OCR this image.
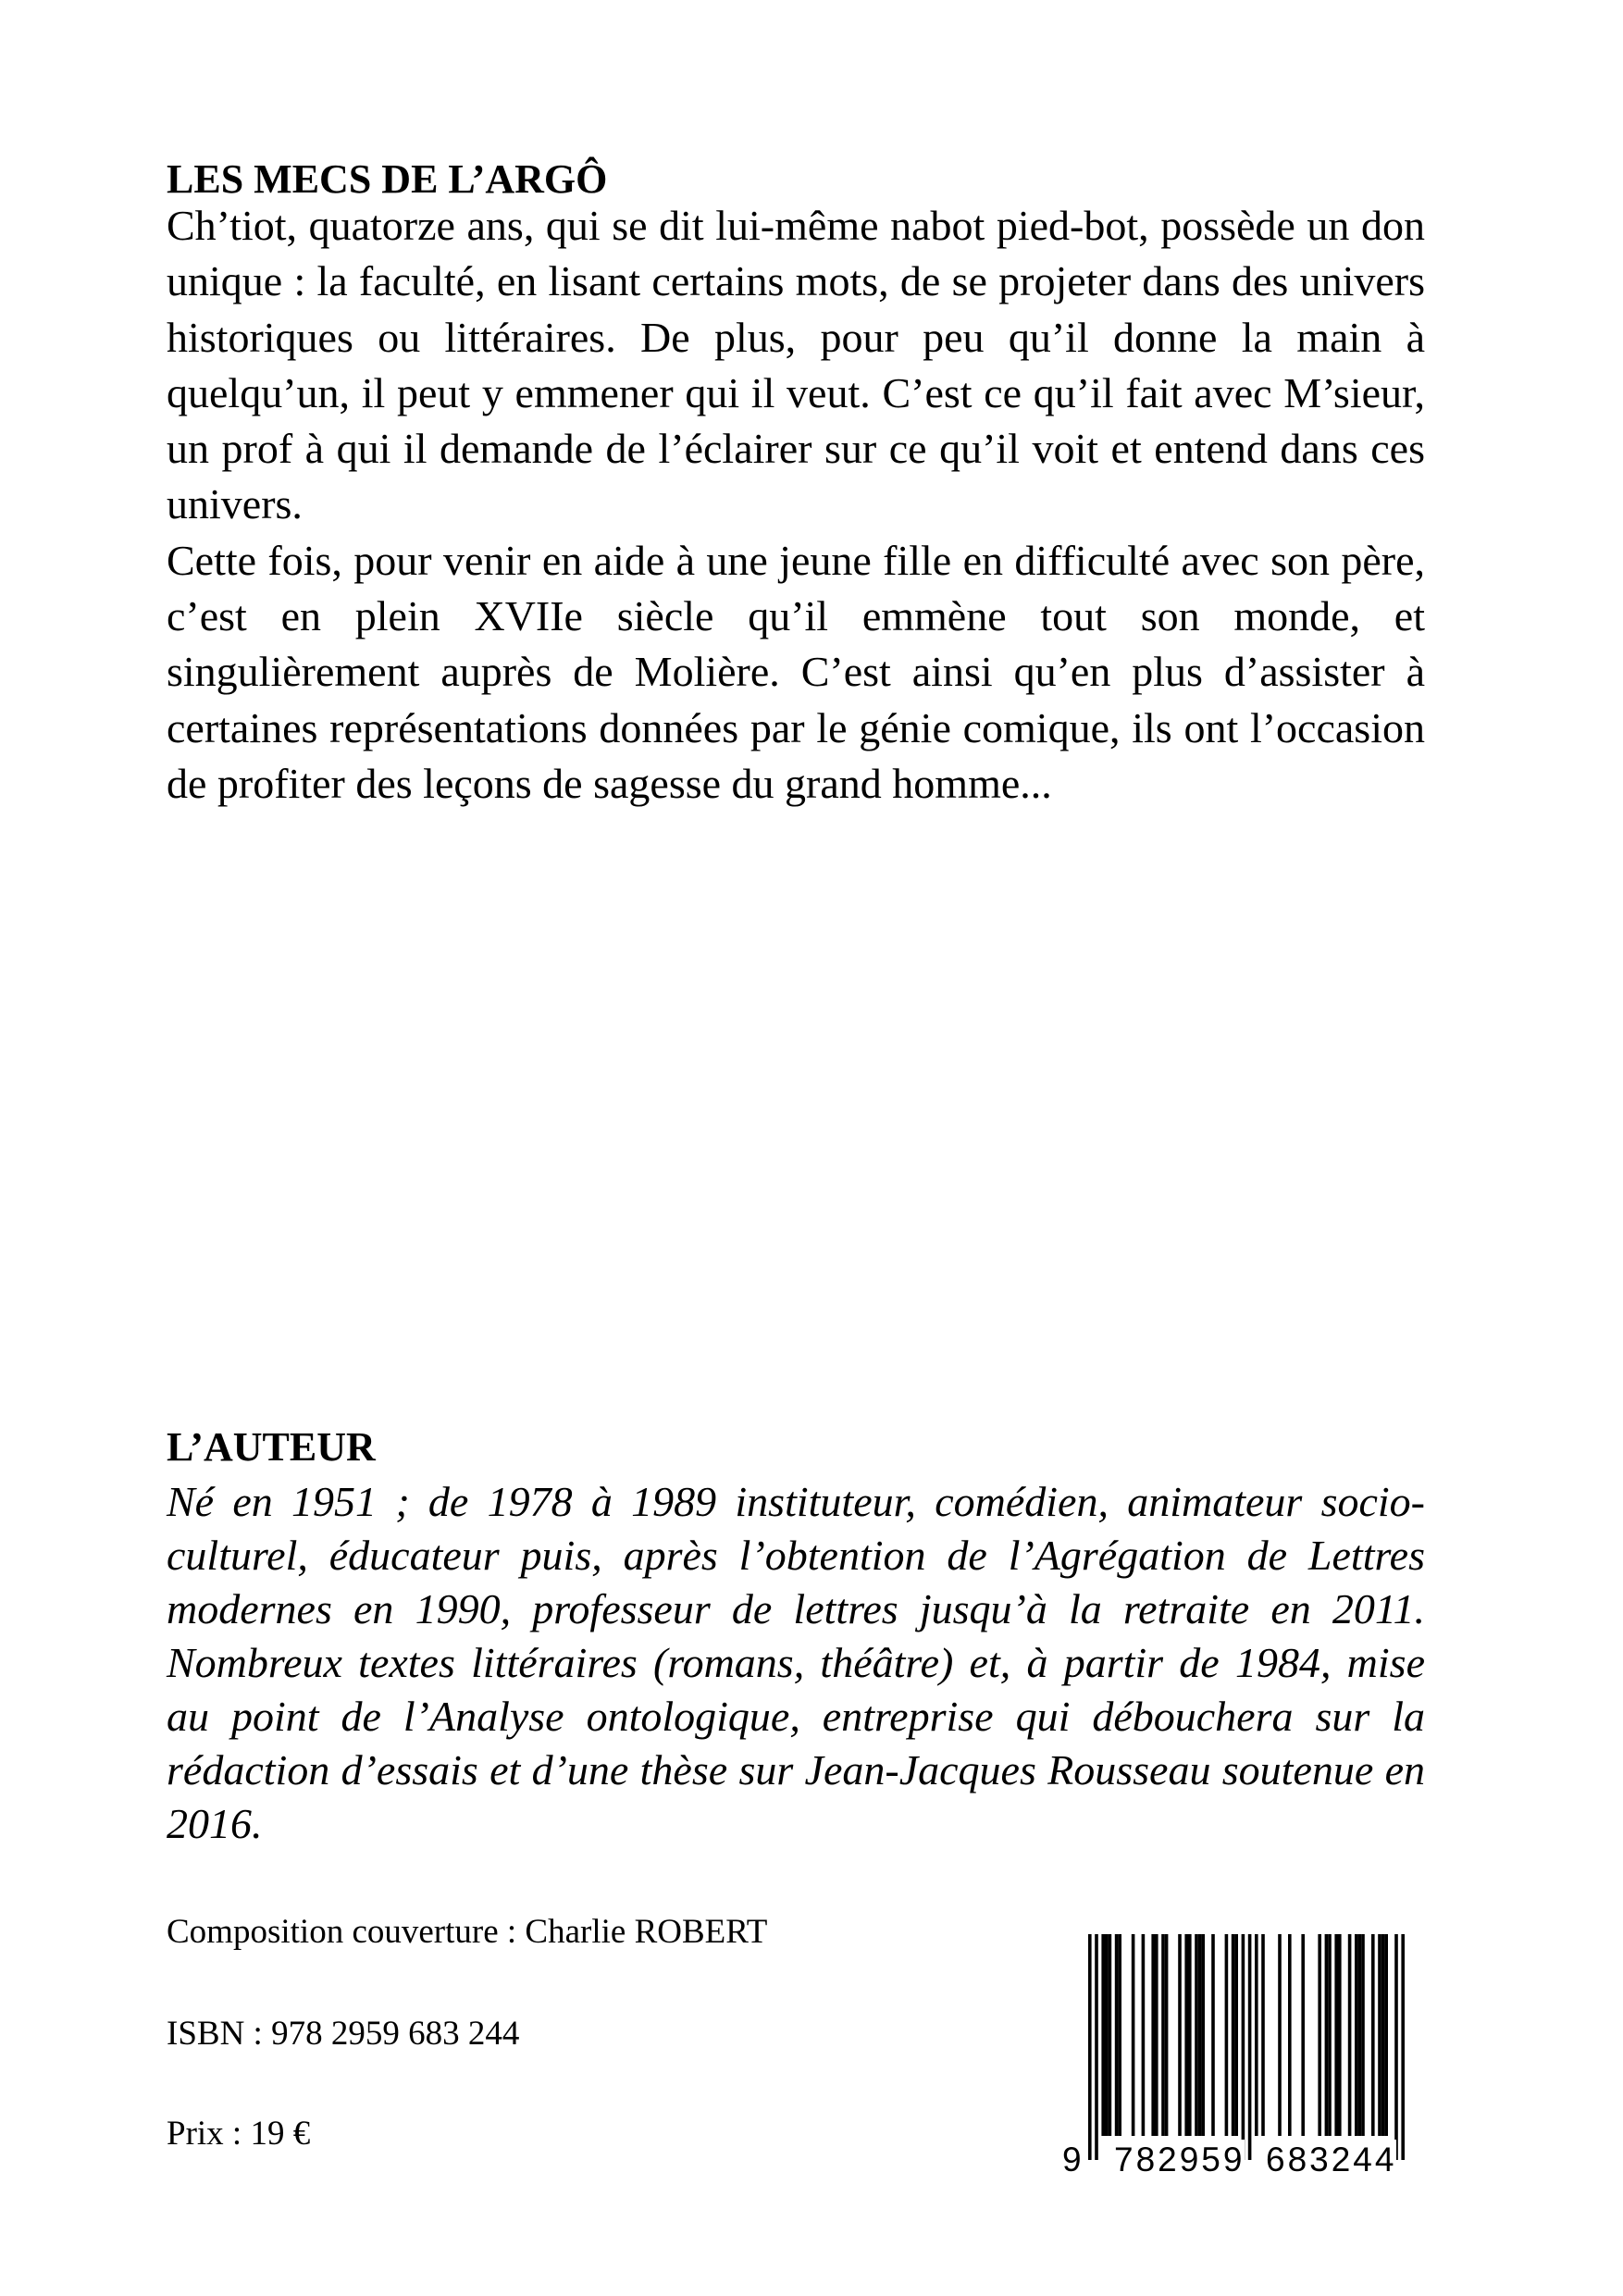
LES MECS DE L’ARGÔ

Ch’tiot, quatorze ans, qui se dit lui-même nabot pied-bot, possède un don unique : la faculté, en lisant certains mots, de se projeter dans des univers historiques ou littéraires. De plus, pour peu qu’il donne la main à quelqu’un, il peut y emmener qui il veut. C’est ce qu’il fait avec M’sieur, un prof à qui il demande de l’éclairer sur ce qu’il voit et entend dans ces univers.

Cette fois, pour venir en aide à une jeune fille en difficulté avec son père, c’est en plein XVIIe siècle qu’il emmène tout son monde, et singulièrement auprès de Molière. C’est ainsi qu’en plus d’assister à certaines représentations données par le génie comique, ils ont l’occasion de profiter des leçons de sagesse du grand homme...

L’AUTEUR

Né en 1951 ; de 1978 à 1989 instituteur, comédien, animateur socio-culturel, éducateur puis, après l’obtention de l’Agrégation de Lettres modernes en 1990, professeur de lettres jusqu’à la retraite en 2011. Nombreux textes littéraires (romans, théâtre) et, à partir de 1984, mise au point de l’Analyse ontologique, entreprise qui débouchera sur la rédaction d’essais et d’une thèse sur Jean-Jacques Rousseau soutenue en 2016.

Composition couverture : Charlie ROBERT

ISBN : 978 2959 683 244

Prix : 19 €

9 782959 683244
